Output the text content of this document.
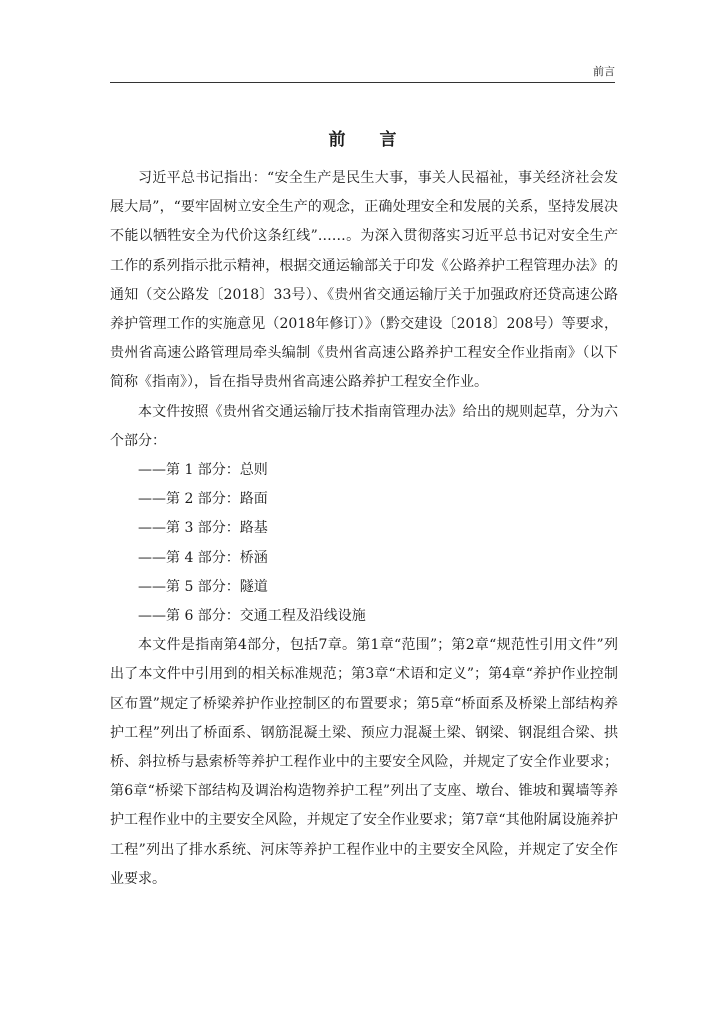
前言
前 言

习近平总书记指出：“安全生产是民生大事，事关人民福祉，事关经济社会发展大局”，“要牢固树立安全生产的观念，正确处理安全和发展的关系，坚持发展决不能以牺牲安全为代价这条红线”……。为深入贯彻落实习近平总书记对安全生产工作的系列指示批示精神，根据交通运输部关于印发《公路养护工程管理办法》的通知（交公路发〔2018〕33号）、《贵州省交通运输厅关于加强政府还贷高速公路养护管理工作的实施意见（2018年修订）》（黔交建设〔2018〕208号）等要求，贵州省高速公路管理局牵头编制《贵州省高速公路养护工程安全作业指南》（以下简称《指南》），旨在指导贵州省高速公路养护工程安全作业。

本文件按照《贵州省交通运输厅技术指南管理办法》给出的规则起草，分为六个部分：

——第 1 部分：总则

——第 2 部分：路面

——第 3 部分：路基

——第 4 部分：桥涵

——第 5 部分：隧道

——第 6 部分：交通工程及沿线设施

本文件是指南第4部分，包括7章。第1章“范围”；第2章“规范性引用文件”列出了本文件中引用到的相关标准规范；第3章“术语和定义”；第4章“养护作业控制区布置”规定了桥梁养护作业控制区的布置要求；第5章“桥面系及桥梁上部结构养护工程”列出了桥面系、钢筋混凝土梁、预应力混凝土梁、钢梁、钢混组合梁、拱桥、斜拉桥与悬索桥等养护工程作业中的主要安全风险，并规定了安全作业要求；第6章“桥梁下部结构及调治构造物养护工程”列出了支座、墩台、锥坡和翼墙等养护工程作业中的主要安全风险，并规定了安全作业要求；第7章“其他附属设施养护工程”列出了排水系统、河床等养护工程作业中的主要安全风险，并规定了安全作业要求。
